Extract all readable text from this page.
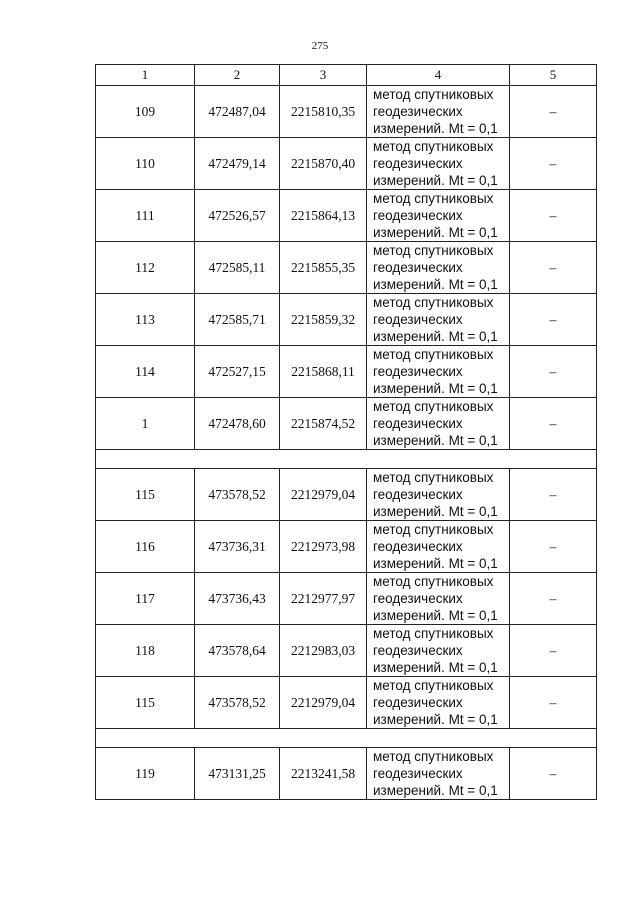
275
1	2	3	4	5
109	472487,04	2215810,35	метод спутниковых
геодезических
измерений. Mt = 0,1	–
110	472479,14	2215870,40	метод спутниковых
геодезических
измерений. Mt = 0,1	–
111	472526,57	2215864,13	метод спутниковых
геодезических
измерений. Mt = 0,1	–
112	472585,11	2215855,35	метод спутниковых
геодезических
измерений. Mt = 0,1	–
113	472585,71	2215859,32	метод спутниковых
геодезических
измерений. Mt = 0,1	–
114	472527,15	2215868,11	метод спутниковых
геодезических
измерений. Mt = 0,1	–
1	472478,60	2215874,52	метод спутниковых
геодезических
измерений. Mt = 0,1	–

115	473578,52	2212979,04	метод спутниковых
геодезических
измерений. Mt = 0,1	–
116	473736,31	2212973,98	метод спутниковых
геодезических
измерений. Mt = 0,1	–
117	473736,43	2212977,97	метод спутниковых
геодезических
измерений. Mt = 0,1	–
118	473578,64	2212983,03	метод спутниковых
геодезических
измерений. Mt = 0,1	–
115	473578,52	2212979,04	метод спутниковых
геодезических
измерений. Mt = 0,1	–

119	473131,25	2213241,58	метод спутниковых
геодезических
измерений. Mt = 0,1	–
